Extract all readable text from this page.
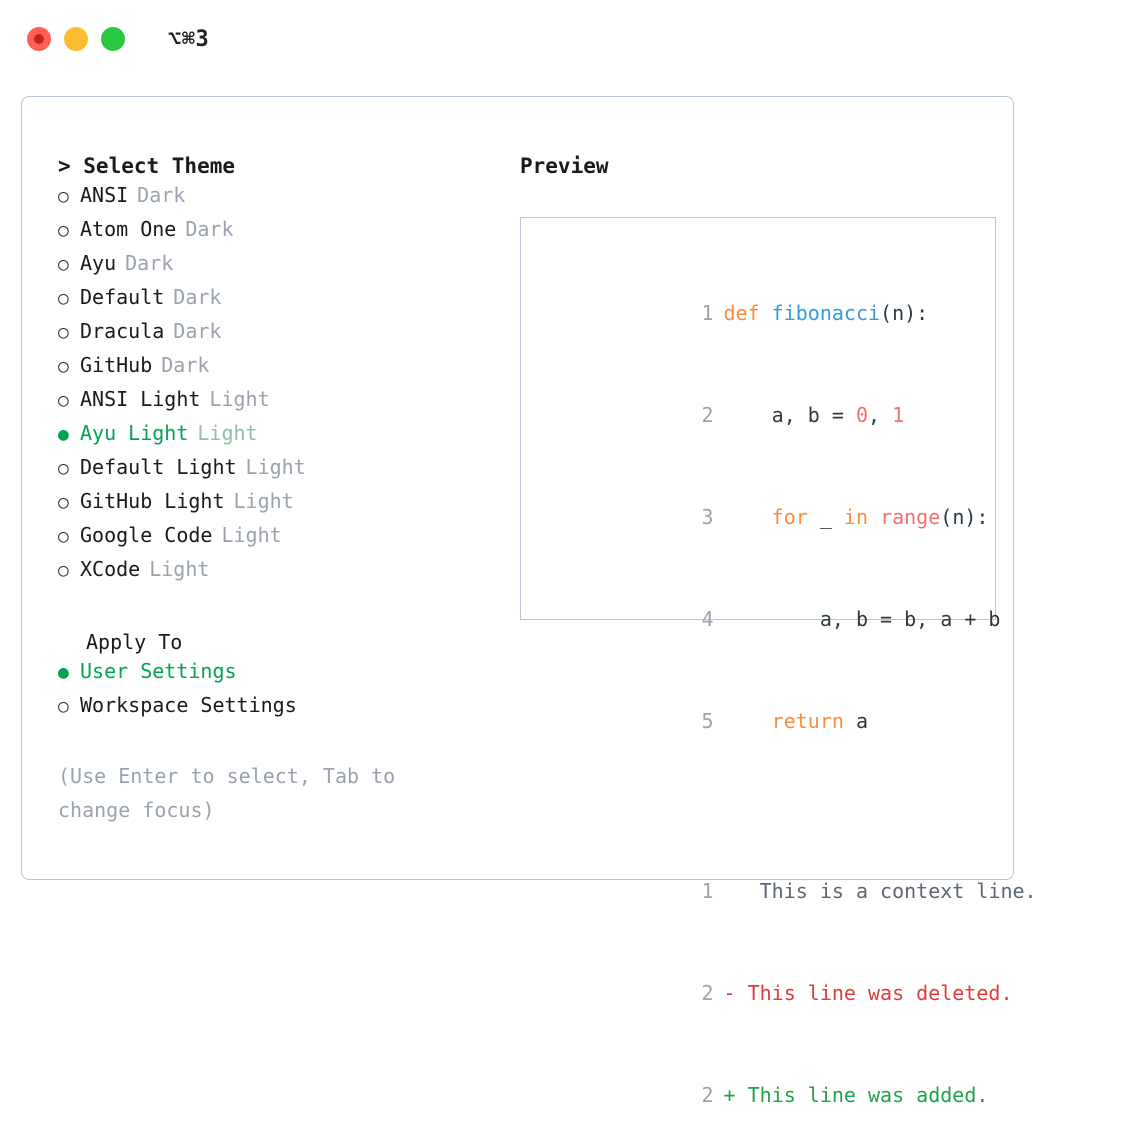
⌥⌘3
> Select Theme
○ ANSI Dark
○ Atom One Dark
○ Ayu Dark
○ Default Dark
○ Dracula Dark
○ GitHub Dark
○ ANSI Light Light
● Ayu Light Light
○ Default Light Light
○ GitHub Light Light
○ Google Code Light
○ XCode Light
Apply To
● User Settings
○ Workspace Settings
(Use Enter to select, Tab to change focus)
Preview

1 def fibonacci(n):

2    a, b = 0, 1

3	for _ in range(n):

4        a, b = b, a + b

5	return a

1   This is a context line.

2 - This line was deleted.

2 + This line was added.
